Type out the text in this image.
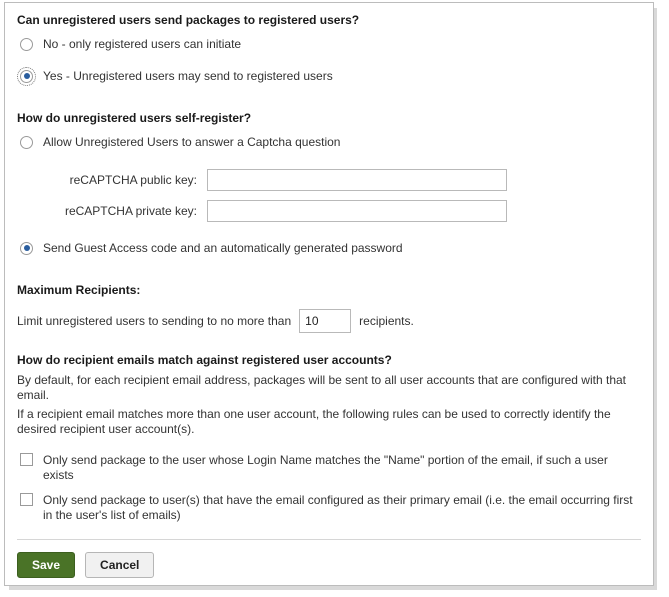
Can unregistered users send packages to registered users?
No - only registered users can initiate
Yes - Unregistered users may send to registered users
How do unregistered users self-register?
Allow Unregistered Users to answer a Captcha question
reCAPTCHA public key:
reCAPTCHA private key:
Send Guest Access code and an automatically generated password
Maximum Recipients:
Limit unregistered users to sending to no more than
10	recipients.
How do recipient emails match against registered user accounts?
By default, for each recipient email address, packages will be sent to all user accounts that are configured with that email.
If a recipient email matches more than one user account, the following rules can be used to correctly identify the desired recipient user account(s).
Only send package to the user whose Login Name matches the "Name" portion of the email, if such a user exists
Only send package to user(s) that have the email configured as their primary email (i.e. the email occurring first in the user's list of emails)
Save	Cancel
